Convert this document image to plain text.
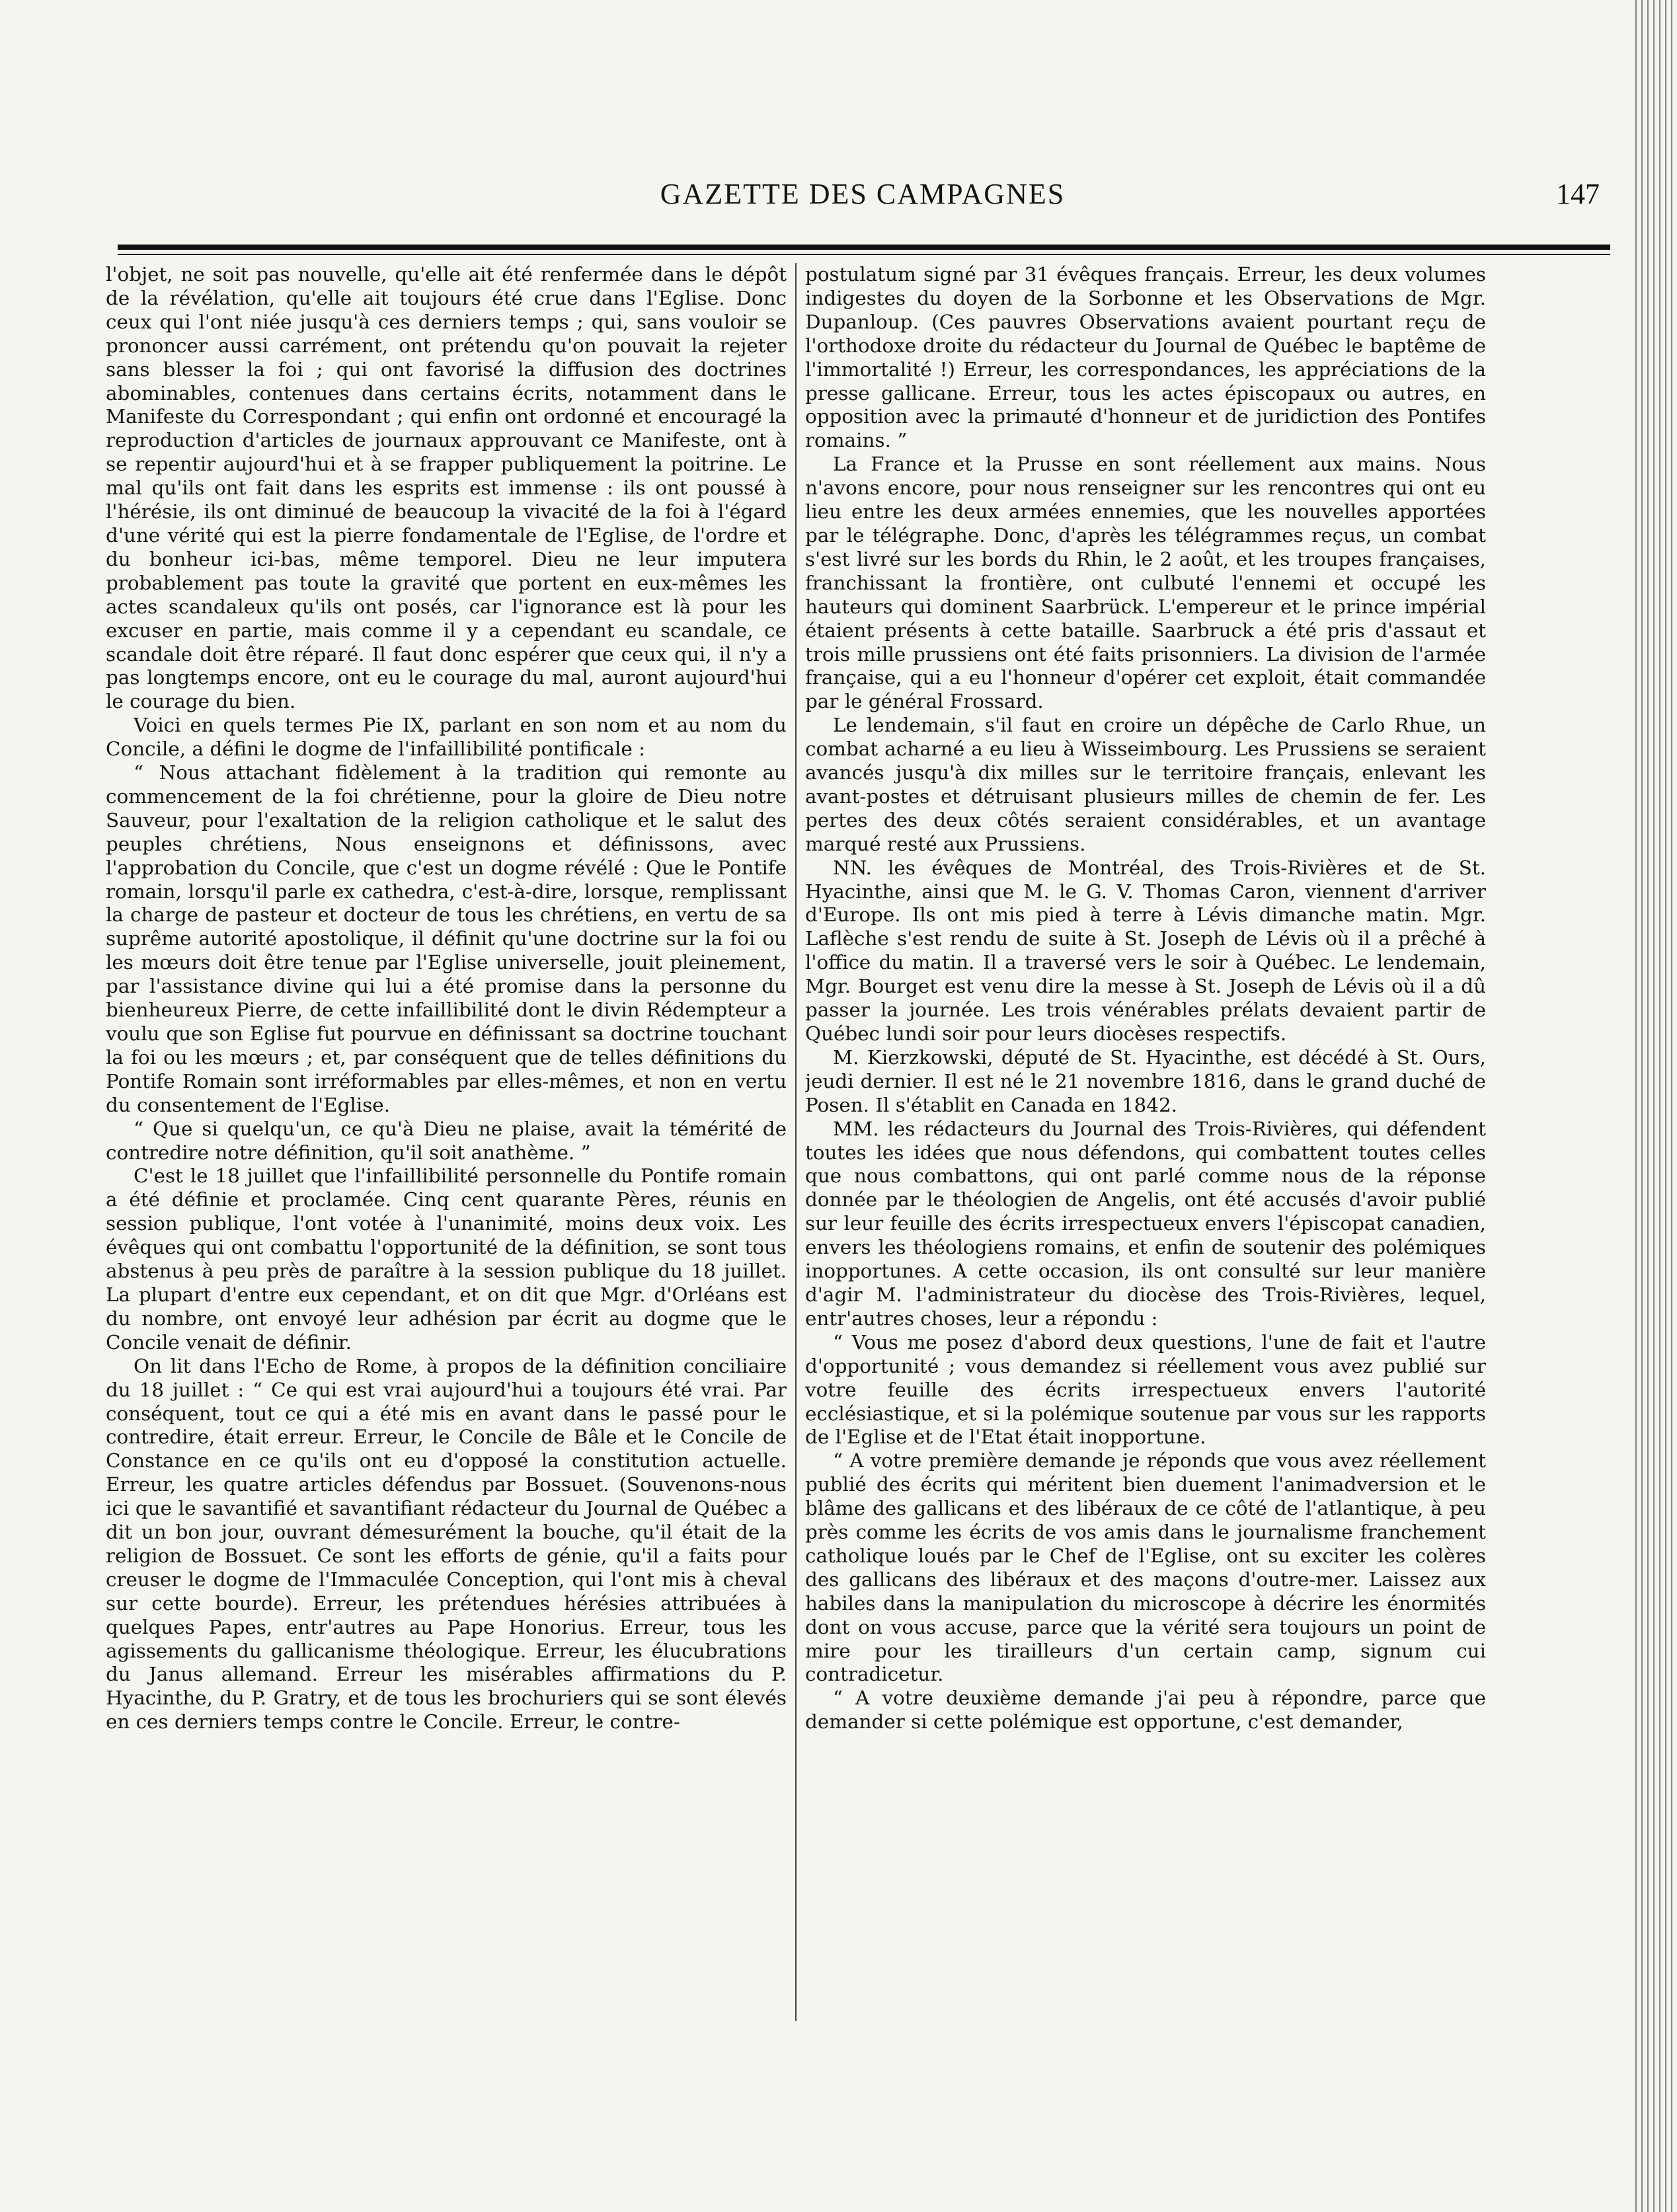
GAZETTE DES CAMPAGNES	147

l'objet, ne soit pas nouvelle, qu'elle ait été renfermée dans le dépôt de la révélation, qu'elle ait toujours été crue dans l'Eglise. Donc ceux qui l'ont niée jusqu'à ces derniers temps ; qui, sans vouloir se prononcer aussi carrément, ont prétendu qu'on pouvait la rejeter sans blesser la foi ; qui ont favorisé la diffusion des doctrines abominables, contenues dans certains écrits, notamment dans le Manifeste du Correspondant ; qui enfin ont ordonné et encouragé la reproduction d'articles de journaux approuvant ce Manifeste, ont à se repentir aujourd'hui et à se frapper publiquement la poitrine. Le mal qu'ils ont fait dans les esprits est immense : ils ont poussé à l'hérésie, ils ont diminué de beaucoup la vivacité de la foi à l'égard d'une vérité qui est la pierre fondamentale de l'Eglise, de l'ordre et du bonheur ici-bas, même temporel. Dieu ne leur imputera probablement pas toute la gravité que portent en eux-mêmes les actes scandaleux qu'ils ont posés, car l'ignorance est là pour les excuser en partie, mais comme il y a cependant eu scandale, ce scandale doit être réparé. Il faut donc espérer que ceux qui, il n'y a pas longtemps encore, ont eu le courage du mal, auront aujourd'hui le courage du bien.

Voici en quels termes Pie IX, parlant en son nom et au nom du Concile, a défini le dogme de l'infaillibilité pontificale :

“ Nous attachant fidèlement à la tradition qui remonte au commencement de la foi chrétienne, pour la gloire de Dieu notre Sauveur, pour l'exaltation de la religion catholique et le salut des peuples chrétiens, Nous enseignons et définissons, avec l'approbation du Concile, que c'est un dogme révélé : Que le Pontife romain, lorsqu'il parle ex cathedra, c'est-à-dire, lorsque, remplissant la charge de pasteur et docteur de tous les chrétiens, en vertu de sa suprême autorité apostolique, il définit qu'une doctrine sur la foi ou les mœurs doit être tenue par l'Eglise universelle, jouit pleinement, par l'assistance divine qui lui a été promise dans la personne du bienheureux Pierre, de cette infaillibilité dont le divin Rédempteur a voulu que son Eglise fut pourvue en définissant sa doctrine touchant la foi ou les mœurs ; et, par conséquent que de telles définitions du Pontife Romain sont irréformables par elles-mêmes, et non en vertu du consentement de l'Eglise.

“ Que si quelqu'un, ce qu'à Dieu ne plaise, avait la témérité de contredire notre définition, qu'il soit anathème. ”

C'est le 18 juillet que l'infaillibilité personnelle du Pontife romain a été définie et proclamée. Cinq cent quarante Pères, réunis en session publique, l'ont votée à l'unanimité, moins deux voix. Les évêques qui ont combattu l'opportunité de la définition, se sont tous abstenus à peu près de paraître à la session publique du 18 juillet. La plupart d'entre eux cependant, et on dit que Mgr. d'Orléans est du nombre, ont envoyé leur adhésion par écrit au dogme que le Concile venait de définir.

On lit dans l'Echo de Rome, à propos de la définition conciliaire du 18 juillet : “ Ce qui est vrai aujourd'hui a toujours été vrai. Par conséquent, tout ce qui a été mis en avant dans le passé pour le contredire, était erreur. Erreur, le Concile de Bâle et le Concile de Constance en ce qu'ils ont eu d'opposé la constitution actuelle. Erreur, les quatre articles défendus par Bossuet. (Souvenons-nous ici que le savantifié et savantifiant rédacteur du Journal de Québec a dit un bon jour, ouvrant démesurément la bouche, qu'il était de la religion de Bossuet. Ce sont les efforts de génie, qu'il a faits pour creuser le dogme de l'Immaculée Conception, qui l'ont mis à cheval sur cette bourde). Erreur, les prétendues hérésies attribuées à quelques Papes, entr'autres au Pape Honorius. Erreur, tous les agissements du gallicanisme théologique. Erreur, les élucubrations du Janus allemand. Erreur les misérables affirmations du P. Hyacinthe, du P. Gratry, et de tous les brochuriers qui se sont élevés en ces derniers temps contre le Concile. Erreur, le contre-

postulatum signé par 31 évêques français. Erreur, les deux volumes indigestes du doyen de la Sorbonne et les Observations de Mgr. Dupanloup. (Ces pauvres Observations avaient pourtant reçu de l'orthodoxe droite du rédacteur du Journal de Québec le baptême de l'immortalité !) Erreur, les correspondances, les appréciations de la presse gallicane. Erreur, tous les actes épiscopaux ou autres, en opposition avec la primauté d'honneur et de juridiction des Pontifes romains. ”

La France et la Prusse en sont réellement aux mains. Nous n'avons encore, pour nous renseigner sur les rencontres qui ont eu lieu entre les deux armées ennemies, que les nouvelles apportées par le télégraphe. Donc, d'après les télégrammes reçus, un combat s'est livré sur les bords du Rhin, le 2 août, et les troupes françaises, franchissant la frontière, ont culbuté l'ennemi et occupé les hauteurs qui dominent Saarbrück. L'empereur et le prince impérial étaient présents à cette bataille. Saarbruck a été pris d'assaut et trois mille prussiens ont été faits prisonniers. La division de l'armée française, qui a eu l'honneur d'opérer cet exploit, était commandée par le général Frossard.

Le lendemain, s'il faut en croire un dépêche de Carlo Rhue, un combat acharné a eu lieu à Wisseimbourg. Les Prussiens se seraient avancés jusqu'à dix milles sur le territoire français, enlevant les avant-postes et détruisant plusieurs milles de chemin de fer. Les pertes des deux côtés seraient considérables, et un avantage marqué resté aux Prussiens.

NN. les évêques de Montréal, des Trois-Rivières et de St. Hyacinthe, ainsi que M. le G. V. Thomas Caron, viennent d'arriver d'Europe. Ils ont mis pied à terre à Lévis dimanche matin. Mgr. Laflèche s'est rendu de suite à St. Joseph de Lévis où il a prêché à l'office du matin. Il a traversé vers le soir à Québec. Le lendemain, Mgr. Bourget est venu dire la messe à St. Joseph de Lévis où il a dû passer la journée. Les trois vénérables prélats devaient partir de Québec lundi soir pour leurs diocèses respectifs.

M. Kierzkowski, député de St. Hyacinthe, est décédé à St. Ours, jeudi dernier. Il est né le 21 novembre 1816, dans le grand duché de Posen. Il s'établit en Canada en 1842.

MM. les rédacteurs du Journal des Trois-Rivières, qui défendent toutes les idées que nous défendons, qui combattent toutes celles que nous combattons, qui ont parlé comme nous de la réponse donnée par le théologien de Angelis, ont été accusés d'avoir publié sur leur feuille des écrits irrespectueux envers l'épiscopat canadien, envers les théologiens romains, et enfin de soutenir des polémiques inopportunes. A cette occasion, ils ont consulté sur leur manière d'agir M. l'administrateur du diocèse des Trois-Rivières, lequel, entr'autres choses, leur a répondu :

“ Vous me posez d'abord deux questions, l'une de fait et l'autre d'opportunité ; vous demandez si réellement vous avez publié sur votre feuille des écrits irrespectueux envers l'autorité ecclésiastique, et si la polémique soutenue par vous sur les rapports de l'Eglise et de l'Etat était inopportune.

“ A votre première demande je réponds que vous avez réellement publié des écrits qui méritent bien duement l'animadversion et le blâme des gallicans et des libéraux de ce côté de l'atlantique, à peu près comme les écrits de vos amis dans le journalisme franchement catholique loués par le Chef de l'Eglise, ont su exciter les colères des gallicans des libéraux et des maçons d'outre-mer. Laissez aux habiles dans la manipulation du microscope à décrire les énormités dont on vous accuse, parce que la vérité sera toujours un point de mire pour les tirailleurs d'un certain camp, signum cui contradicetur.

“ A votre deuxième demande j'ai peu à répondre, parce que demander si cette polémique est opportune, c'est demander,
